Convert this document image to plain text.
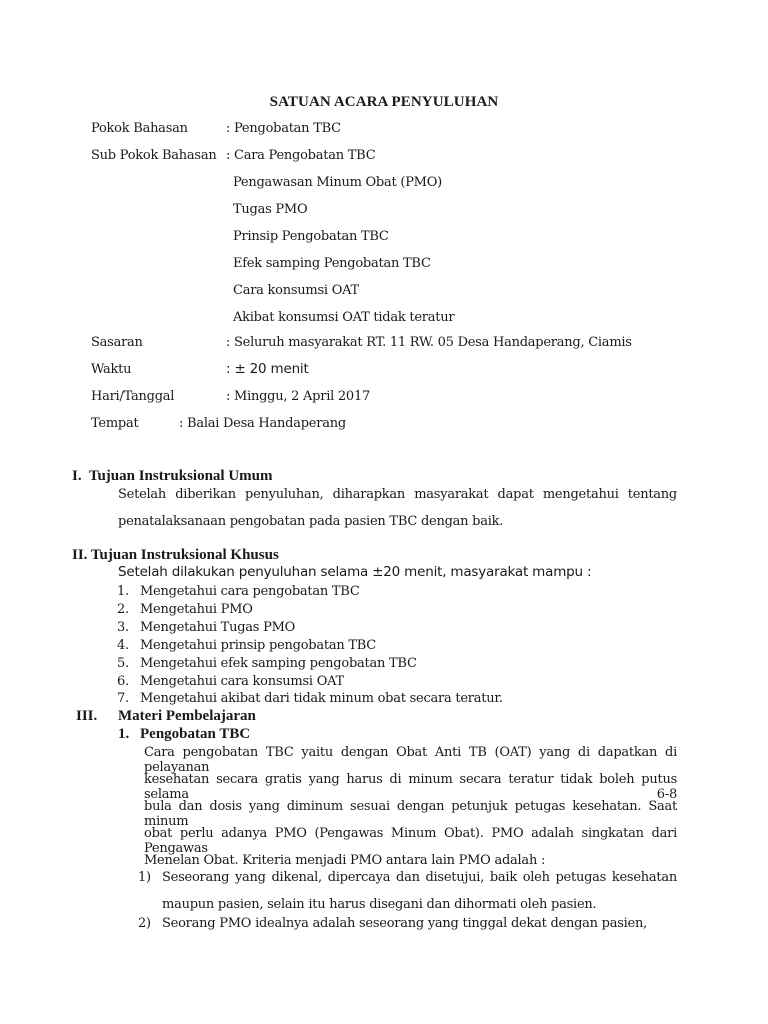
SATUAN ACARA PENYULUHAN
Pokok Bahasan	: Pengobatan TBC
Sub Pokok Bahasan : Cara Pengobatan TBC
Pengawasan Minum Obat (PMO)
Tugas PMO
Prinsip Pengobatan TBC
Efek samping Pengobatan TBC
Cara konsumsi OAT
Akibat konsumsi OAT tidak teratur
Sasaran	: Seluruh masyarakat RT. 11 RW. 05 Desa Handaperang, Ciamis
Waktu	: ± 20 menit
Hari/Tanggal	: Minggu, 2 April 2017
Tempat	: Balai Desa Handaperang
I.  Tujuan Instruksional Umum
Setelah diberikan penyuluhan, diharapkan masyarakat dapat mengetahui tentang
penatalaksanaan pengobatan pada pasien TBC dengan baik.
II. Tujuan Instruksional Khusus
Setelah dilakukan penyuluhan selama ±20 menit, masyarakat mampu :
1. Mengetahui cara pengobatan TBC
2. Mengetahui PMO
3. Mengetahui Tugas PMO
4. Mengetahui prinsip pengobatan TBC
5. Mengetahui efek samping pengobatan TBC
6. Mengetahui cara konsumsi OAT
7. Mengetahui akibat dari tidak minum obat secara teratur.
III. Materi Pembelajaran
1. Pengobatan TBC
Cara pengobatan TBC yaitu dengan Obat Anti TB (OAT) yang di dapatkan di pelayanan
kesehatan secara gratis yang harus di minum secara teratur tidak boleh putus selama 6-8
bula dan dosis yang diminum sesuai dengan petunjuk petugas kesehatan. Saat minum
obat perlu adanya PMO (Pengawas Minum Obat). PMO adalah singkatan dari Pengawas
Menelan Obat. Kriteria menjadi PMO antara lain PMO adalah :
1) Seseorang yang dikenal, dipercaya dan disetujui, baik oleh petugas kesehatan
maupun pasien, selain itu harus disegani dan dihormati oleh pasien.
2) Seorang PMO idealnya adalah seseorang yang tinggal dekat dengan pasien,
